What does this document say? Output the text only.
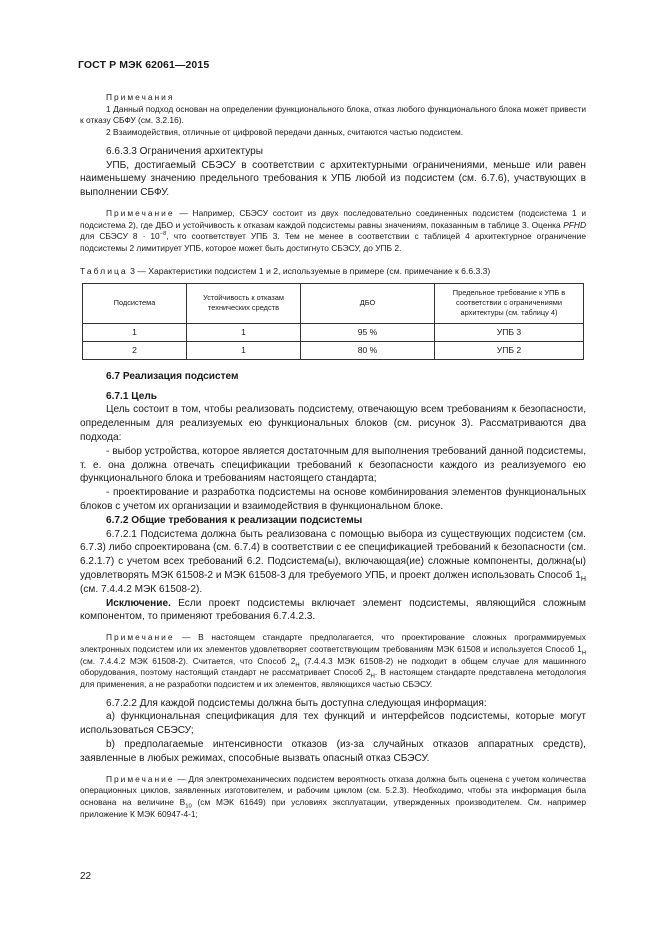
ГОСТ Р МЭК 62061—2015

Примечания

1 Данный подход основан на определении функционального блока, отказ любого функционального блока может привести к отказу СБФУ (см. 3.2.16).

2 Взаимодействия, отличные от цифровой передачи данных, считаются частью подсистем.

6.6.3.3 Ограничения архитектуры

УПБ, достигаемый СБЭСУ в соответствии с архитектурными ограничениями, меньше или равен наименьшему значению предельного требования к УПБ любой из подсистем (см. 6.7.6), участвующих в выполнении СБФУ.

Примечание — Например, СБЭСУ состоит из двух последовательно соединенных подсистем (подсистема 1 и подсистема 2), где ДБО и устойчивость к отказам каждой подсистемы равны значениям, показанным в таблице 3. Оценка PFHD для СБЭСУ $8 \cdot 10^{-8}$, что соответствует УПБ 3. Тем не менее в соответствии с таблицей 4 архитектурное ограничение подсистемы 2 лимитирует УПБ, которое может быть достигнуто СБЭСУ, до УПБ 2.

Таблица 3 — Характеристики подсистем 1 и 2, используемые в примере (см. примечание к 6.6.3.3)

Подсистема	Устойчивость к отказам технических средств	ДБО	Предельное требование к УПБ в соответствии с ограничениями архитектуры (см. таблицу 4)
1	1	95 %	УПБ 3
2	1	80 %	УПБ 2

6.7 Реализация подсистем

6.7.1 Цель

Цель состоит в том, чтобы реализовать подсистему, отвечающую всем требованиям к безопасности, определенным для реализуемых ею функциональных блоков (см. рисунок 3). Рассматриваются два подхода:

- выбор устройства, которое является достаточным для выполнения требований данной подсистемы, т. е. она должна отвечать спецификации требований к безопасности каждого из реализуемого ею функционального блока и требованиям настоящего стандарта;

- проектирование и разработка подсистемы на основе комбинирования элементов функциональных блоков с учетом их организации и взаимодействия в функциональном блоке.

6.7.2 Общие требования к реализации подсистемы

6.7.2.1 Подсистема должна быть реализована с помощью выбора из существующих подсистем (см. 6.7.3) либо спроектирована (см. 6.7.4) в соответствии с ее спецификацией требований к безопасности (см. 6.2.1.7) с учетом всех требований 6.2. Подсистема(ы), включающая(ие) сложные компоненты, должна(ы) удовлетворять МЭК 61508-2 и МЭК 61508-3 для требуемого УПБ, и проект должен использовать Способ $1_H$ (см. 7.4.4.2 МЭК 61508-2).

Исключение. Если проект подсистемы включает элемент подсистемы, являющийся сложным компонентом, то применяют требования 6.7.4.2.3.

Примечание — В настоящем стандарте предполагается, что проектирование сложных программируемых электронных подсистем или их элементов удовлетворяет соответствующим требованиям МЭК 61508 и используется Способ $1_H$ (см. 7.4.4.2 МЭК 61508-2). Считается, что Способ $2_H$ (7.4.4.3 МЭК 61508-2) не подходит в общем случае для машинного оборудования, поэтому настоящий стандарт не рассматривает Способ $2_H$. В настоящем стандарте представлена методология для применения, а не разработки подсистем и их элементов, являющихся частью СБЭСУ.

6.7.2.2 Для каждой подсистемы должна быть доступна следующая информация:

а) функциональная спецификация для тех функций и интерфейсов подсистемы, которые могут использоваться СБЭСУ;

b) предполагаемые интенсивности отказов (из-за случайных отказов аппаратных средств), заявленные в любых режимах, способные вызвать опасный отказ СБЭСУ.

Примечание — Для электромеханических подсистем вероятность отказа должна быть оценена с учетом количества операционных циклов, заявленных изготовителем, и рабочим циклом (см. 5.2.3). Необходимо, чтобы эта информация была основана на величине $B_{10}$ (см МЭК 61649) при условиях эксплуатации, утвержденных производителем. См. например приложение К МЭК 60947-4-1;

22
